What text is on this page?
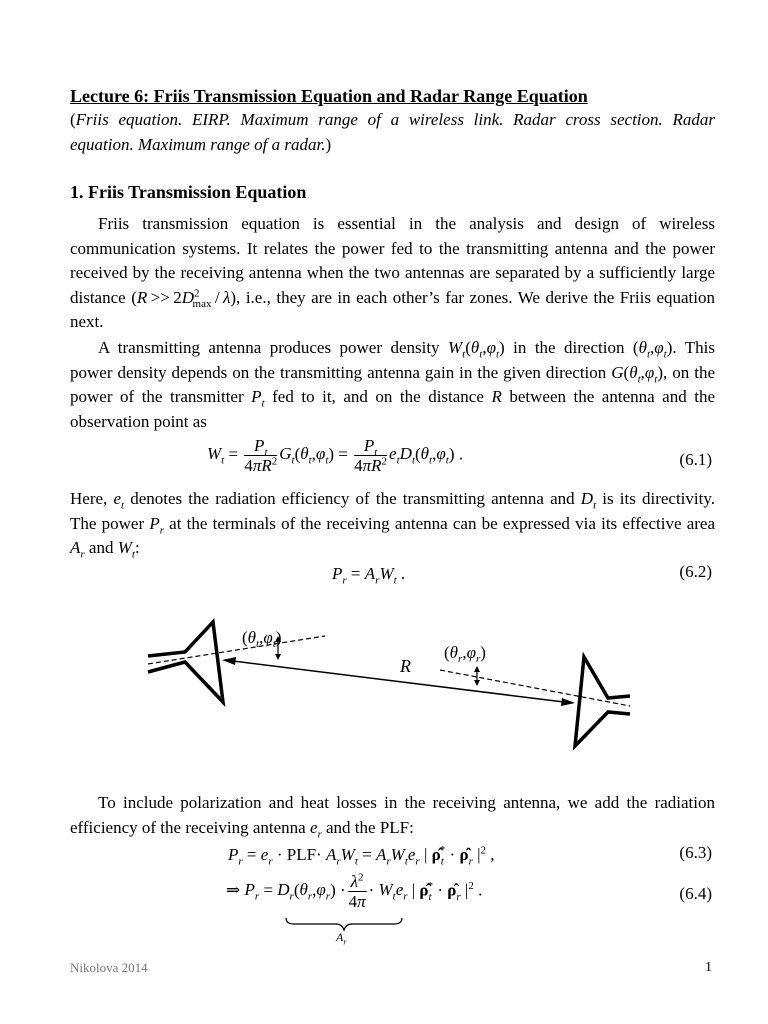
Lecture 6: Friis Transmission Equation and Radar Range Equation
(Friis equation. EIRP. Maximum range of a wireless link. Radar cross section. Radar equation. Maximum range of a radar.)
1. Friis Transmission Equation
Friis transmission equation is essential in the analysis and design of wireless communication systems. It relates the power fed to the transmitting antenna and the power received by the receiving antenna when the two antennas are separated by a sufficiently large distance $(R >> 2D^2_{max} / \lambda)$, i.e., they are in each other’s far zones. We derive the Friis equation next.
A transmitting antenna produces power density $W_t(\theta_t,\varphi_t)$ in the direction $(\theta_t,\varphi_t)$. This power density depends on the transmitting antenna gain in the given direction $G(\theta_t,\varphi_t)$, on the power of the transmitter $P_t$ fed to it, and on the distance R between the antenna and the observation point as
$W_t = \frac{P_t}{4\pi R^2} G_t(\theta_t,\varphi_t) = \frac{P_t}{4\pi R^2} e_tD_t(\theta_t,\varphi_t)$ .	(6.1)
Here, $e_t$ denotes the radiation efficiency of the transmitting antenna and $D_t$ is its directivity. The power $P_r$ at the terminals of the receiving antenna can be expressed via its effective area $A_r$ and $W_t$:
$P_r = A_rW_t$ .	(6.2)
$(\theta_t,\varphi_t)$
$(\theta_r,\varphi_r)$
R
To include polarization and heat losses in the receiving antenna, we add the radiation efficiency of the receiving antenna $e_r$ and the PLF:
$P_r = e_r \cdot PLF\cdot A_rW_t = A_rW_te_r$ | $\rhô_t^*$ · $\rhô_r$ $|^2$ ,	(6.3)
⇒ $P_r = D_r(\theta_r,\varphi_r) \cdot \frac{\lambda^2}{4\pi} \cdot W_te_r$ | $\rhô_t^*$ · $\rhô_r$ $|^2$ .	(6.4)
$A_r$
Nikolova 2014	1
